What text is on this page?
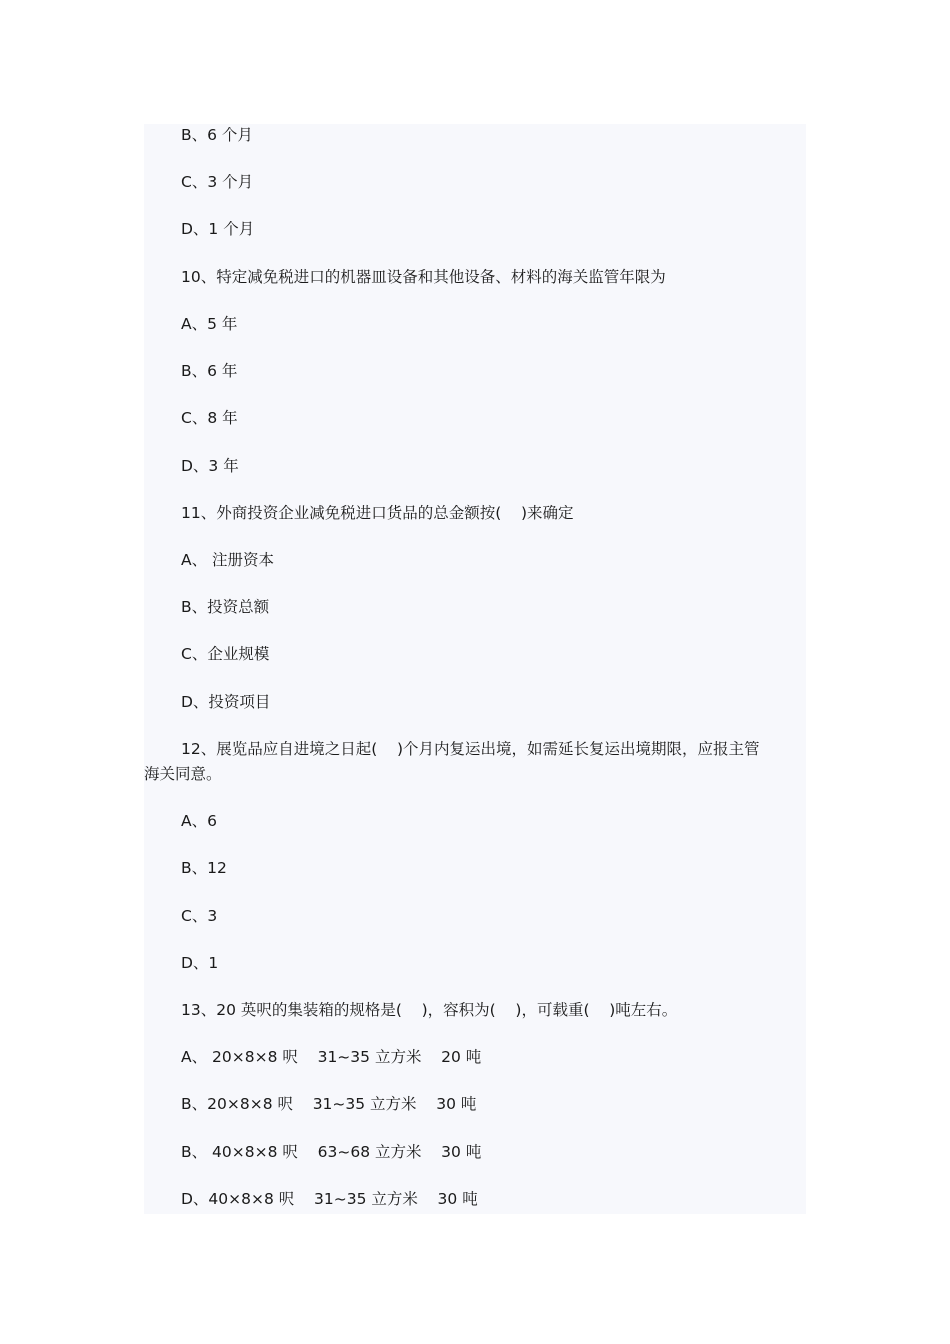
B、6 个月

C、3 个月

D、1 个月

10、特定减免税进口的机器皿设备和其他设备、材料的海关监管年限为

A、5 年

B、6 年

C、8 年

D、3 年

11、外商投资企业减免税进口货品的总金额按(    )来确定

A、 注册资本

B、投资总额

C、企业规模

D、投资项目

12、展览品应自进境之日起(    )个月内复运出境，如需延长复运出境期限，应报主管

海关同意。

A、6

B、12

C、3

D、1

13、20 英呎的集装箱的规格是(    )，容积为(    )，可载重(    )吨左右。

A、 20×8×8 呎    31~35 立方米    20 吨

B、20×8×8 呎    31~35 立方米    30 吨

B、 40×8×8 呎    63~68 立方米    30 吨

D、40×8×8 呎    31~35 立方米    30 吨
